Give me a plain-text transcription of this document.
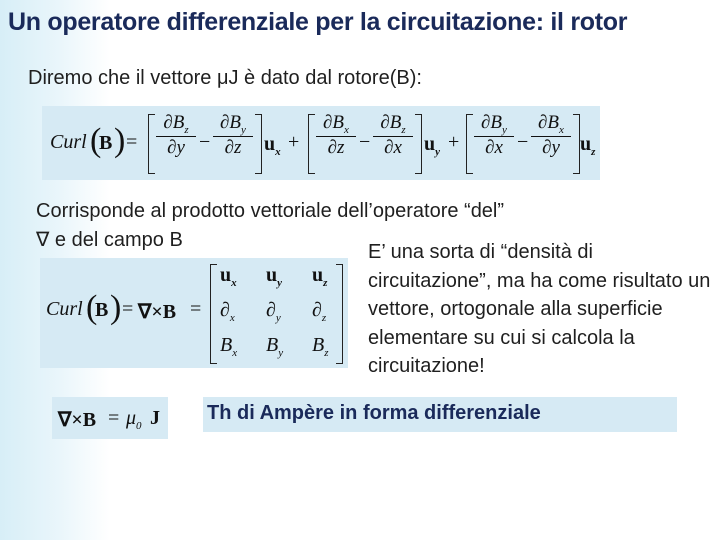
Un operatore differenziale per la circuitazione: il rotor

Diremo che il vettore μJ è dato dal rotore(B):

Curl (
B ) = $\frac{\partial B_z}{\partial y} - \frac{\partial B_y}{\partial z} u_x + \frac{\partial B_x}{\partial z} - \frac{\partial B_z}{\partial x} u_y + \frac{\partial B_y}{\partial x} - \frac{\partial B_x}{\partial y} u_z$

Corrisponde al prodotto vettoriale dell’operatore “del”

∇ e del campo B

Curl (
B ) = ∇×B =
$u_x$ $u_y$ $u_z$
$\partial_x$ $\partial_y$ $\partial_z$
$B_x$ $B_y$ $B_z$

E’ una sorta di “densità di circuitazione”, ma ha come risultato un vettore, ortogonale alla superficie elementare su cui si calcola la circuitazione!

$\nabla\times B = \mu_0$ J Th di Ampère in forma differenziale
